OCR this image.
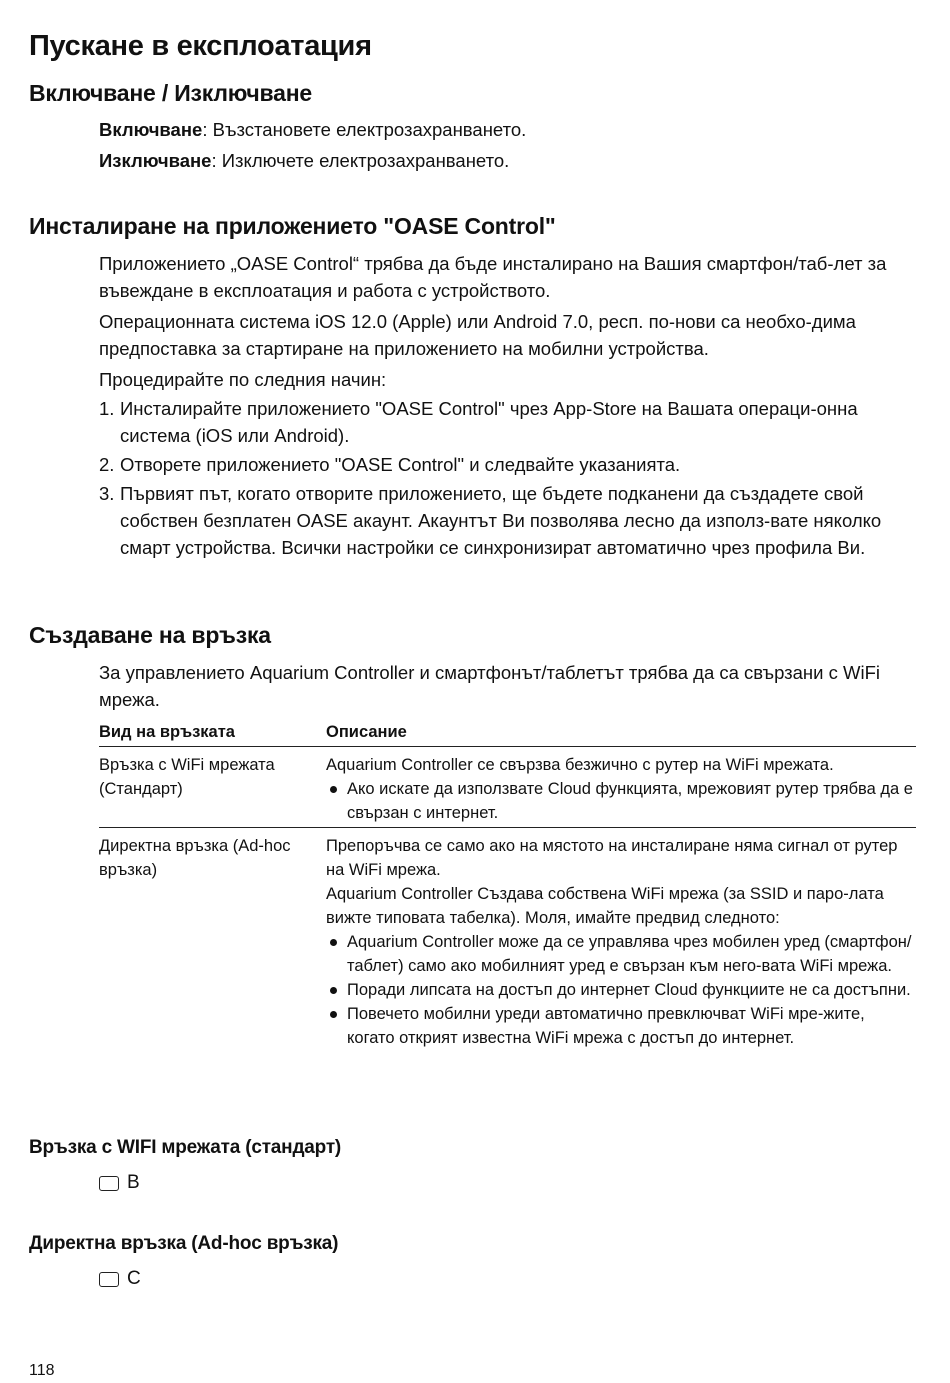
Пускане в експлоатация
Включване / Изключване

Включване: Възстановете електрозахранването.

Изключване: Изключете електрозахранването.

Инсталиране на приложението "OASE Control"

Приложението „OASE Control“ трябва да бъде инсталирано на Вашия смартфон/таб-лет за въвеждане в експлоатация и работа с устройството.

Операционната система iOS 12.0 (Apple) или Android 7.0, респ. по-нови са необхо-дима предпоставка за стартиране на приложението на мобилни устройства.

Процедирайте по следния начин:

1. Инсталирайте приложението "OASE Control" чрез App-Store на Вашата операци-онна система (iOS или Android).
2. Отворете приложението "OASE Control" и следвайте указанията.
3. Първият път, когато отворите приложението, ще бъдете подканени да създадете свой собствен безплатен OASE акаунт. Акаунтът Ви позволява лесно да използ-вате няколко смарт устройства. Всички настройки се синхронизират автоматично чрез профила Ви.
Създаване на връзка
За управлението Aquarium Controller и смартфонът/таблетът трябва да са свързани с WiFi мрежа.
Вид на връзката	Описание
Връзка с WiFi мрежата (Стандарт)
Aquarium Controller се свързва безжично с рутер на WiFi мрежата.
Ако искате да използвате Cloud функцията, мрежовият рутер трябва да е свързан с интернет.
Директна връзка (Ad-hoc връзка)
Препоръчва се само ако на мястото на инсталиране няма сигнал от рутер на WiFi мрежа.
Aquarium Controller Създава собствена WiFi мрежа (за SSID и паро-лата вижте типовата табелка). Моля, имайте предвид следното:
Aquarium Controller може да се управлява чрез мобилен уред (смартфон/таблет) само ако мобилният уред е свързан към него-вата WiFi мрежа.
Поради липсата на достъп до интернет Cloud функциите не са достъпни.
Повечето мобилни уреди автоматично превключват WiFi мре-жите, когато открият известна WiFi мрежа с достъп до интернет.
Връзка с WIFI мрежата (стандарт)
B
Директна връзка (Ad-hoc връзка)
C
118
